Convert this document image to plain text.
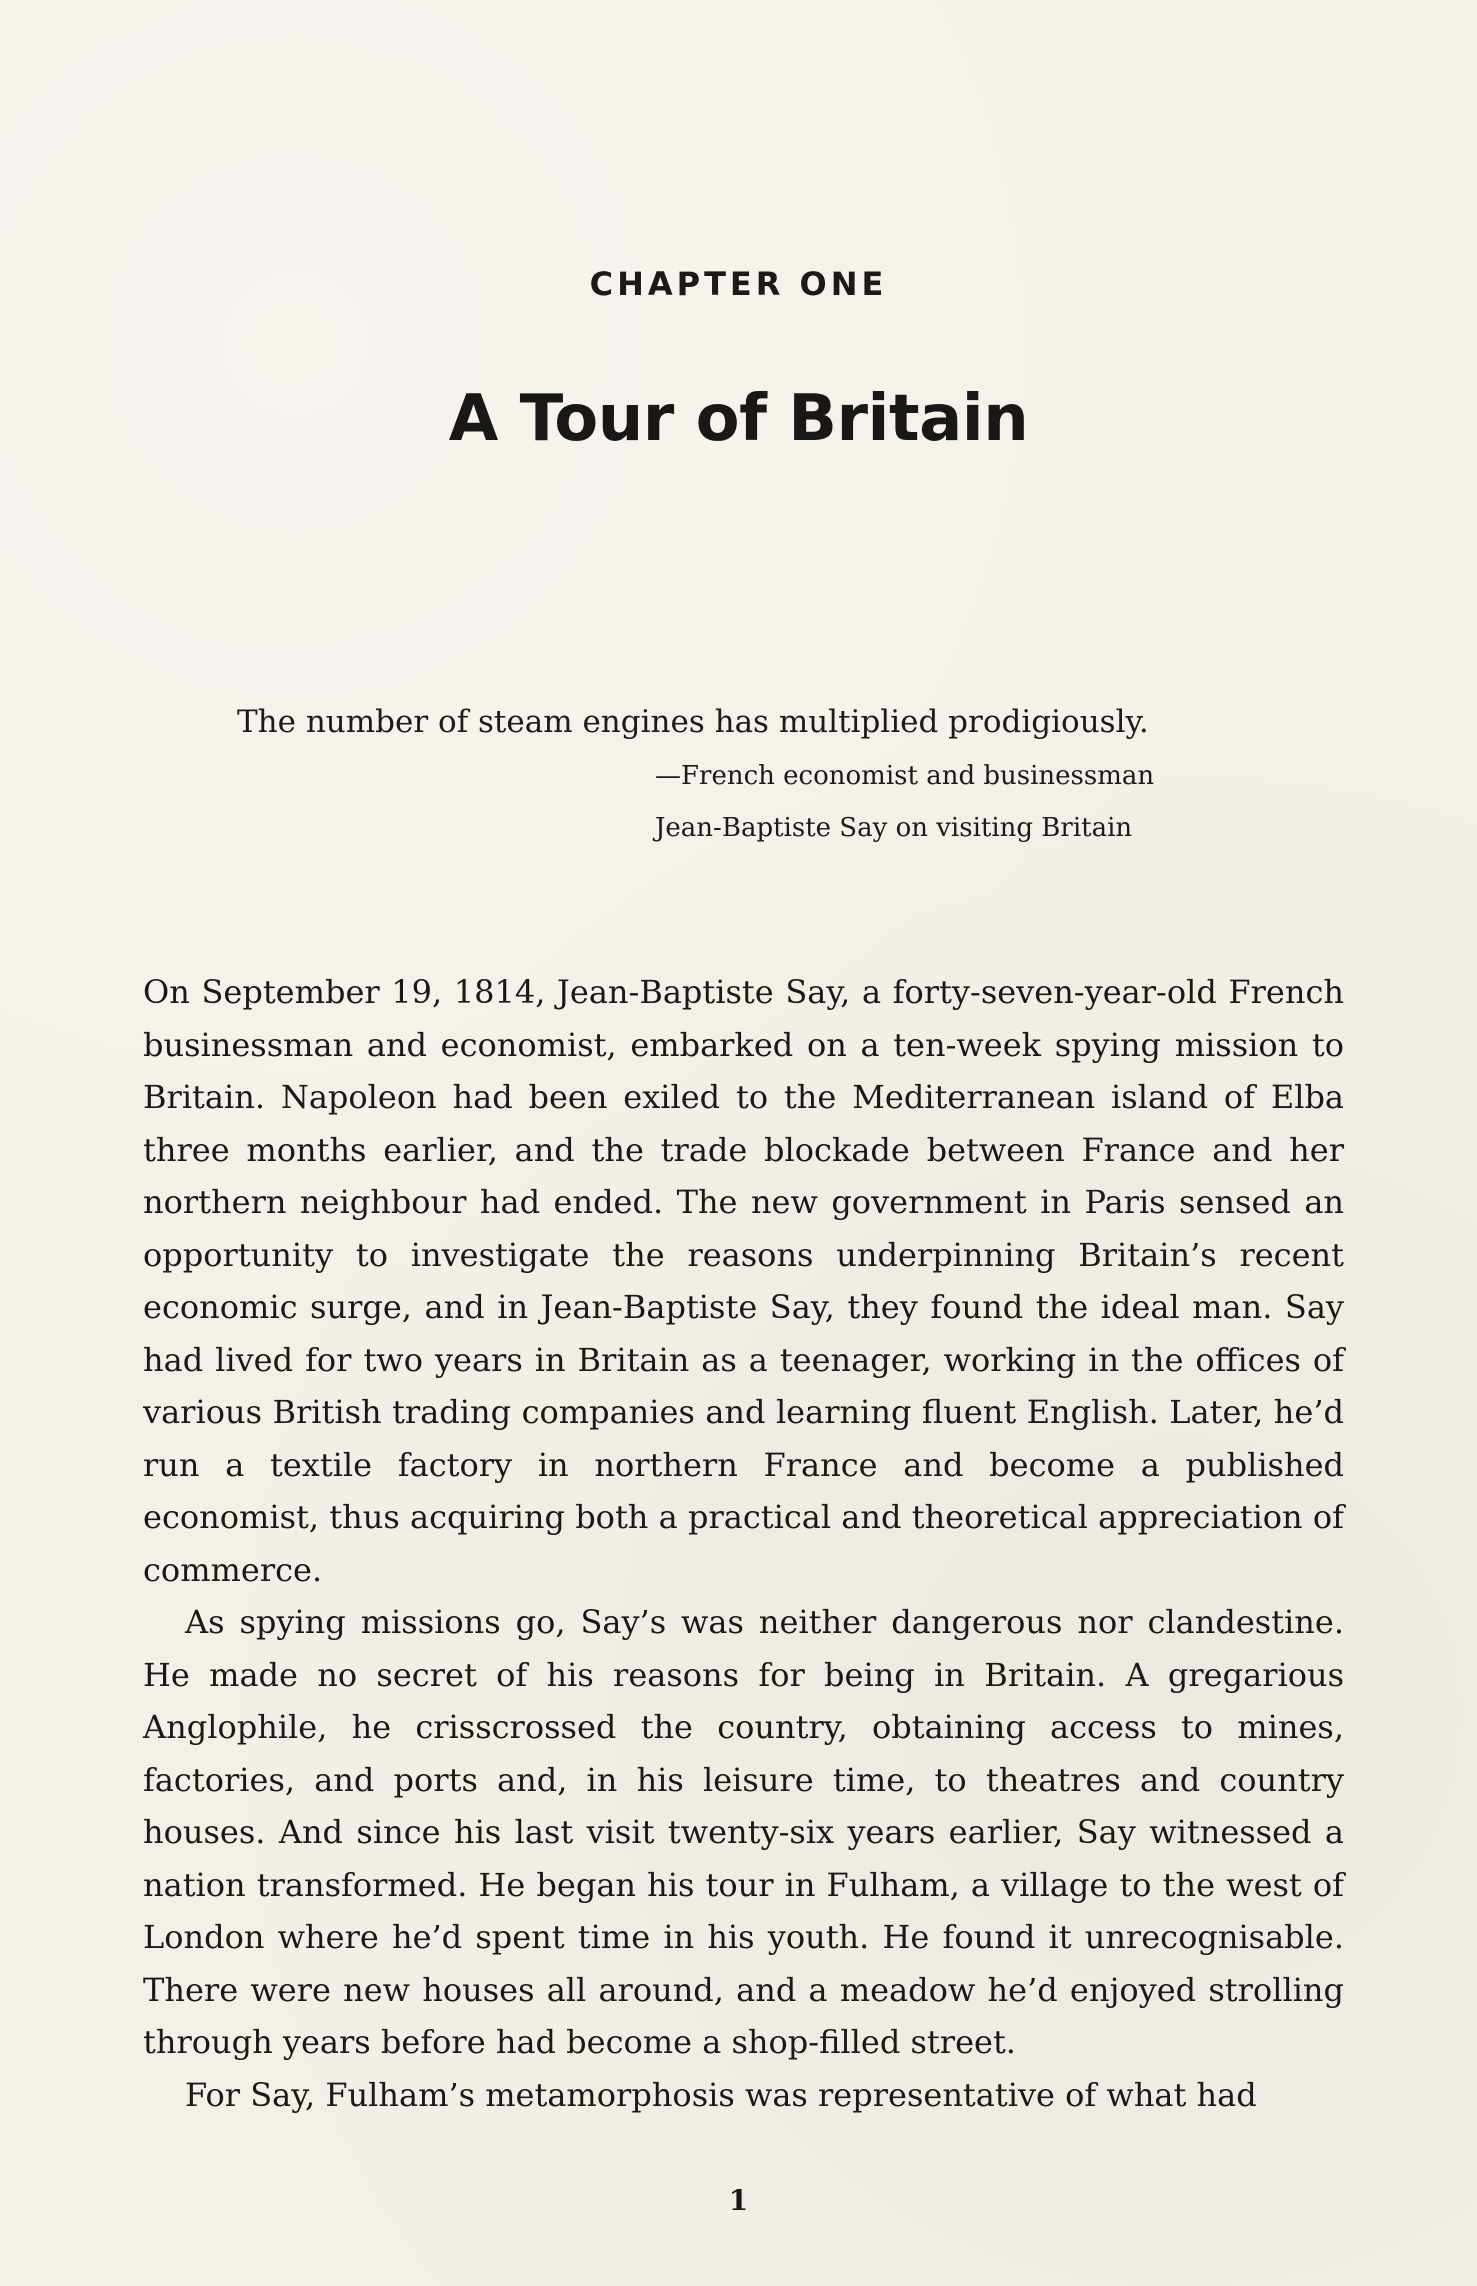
CHAPTER ONE
A Tour of Britain

The number of steam engines has multiplied prodigiously.

—French economist and businessman
Jean-Baptiste Say on visiting Britain

On September 19, 1814, Jean-Baptiste Say, a forty-seven-year-old French businessman and economist, embarked on a ten-week spying mission to Britain. Napoleon had been exiled to the Mediterranean island of Elba three months earlier, and the trade blockade between France and her northern neighbour had ended. The new government in Paris sensed an opportunity to investigate the reasons underpinning Britain’s recent economic surge, and in Jean-Baptiste Say, they found the ideal man. Say had lived for two years in Britain as a teenager, working in the offices of various British trading companies and learning fluent English. Later, he’d run a textile factory in northern France and become a published economist, thus acquiring both a practical and theoretical appreciation of commerce.

As spying missions go, Say’s was neither dangerous nor clandestine. He made no secret of his reasons for being in Britain. A gregarious Anglophile, he crisscrossed the country, obtaining access to mines, factories, and ports and, in his leisure time, to theatres and country houses. And since his last visit twenty-six years earlier, Say witnessed a nation transformed. He began his tour in Fulham, a village to the west of London where he’d spent time in his youth. He found it unrecognisable. There were new houses all around, and a meadow he’d enjoyed strolling through years before had become a shop-filled street.

For Say, Fulham’s metamorphosis was representative of what had

1
